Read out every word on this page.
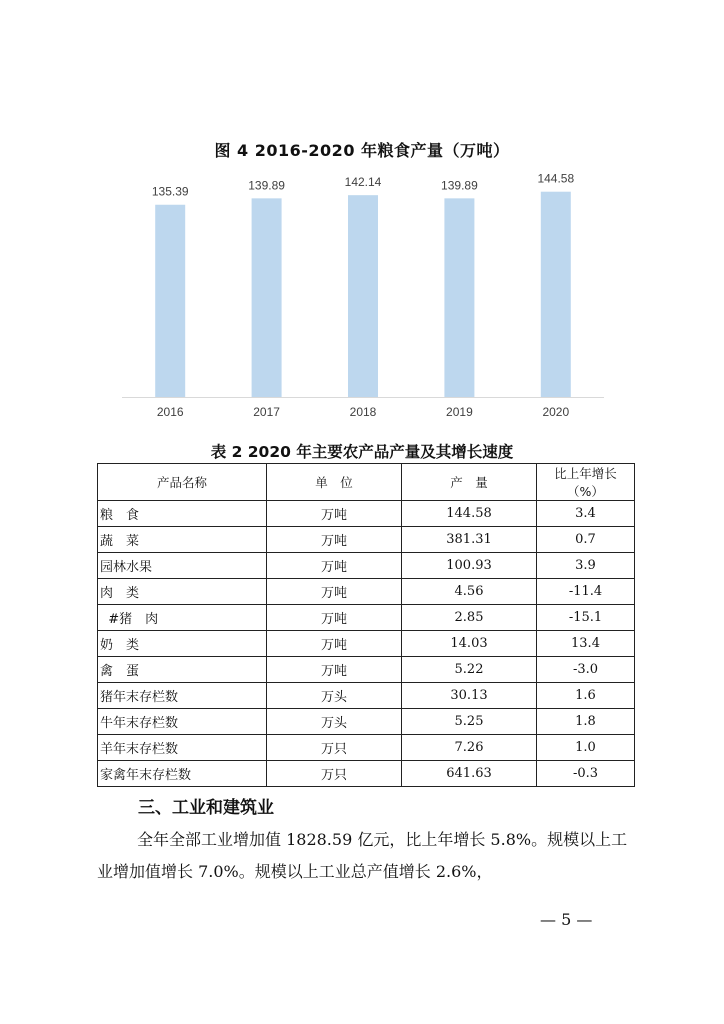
图 4 2016-2020 年粮食产量（万吨）
135.39
2016
139.89
2017
142.14
2018
139.89
2019
144.58
2020
表 2 2020 年主要农产品产量及其增长速度
产品名称	单　位	产　量	比上年增长（%）
粮　食	万吨	144.58	3.4
蔬　菜	万吨	381.31	0.7
园林水果	万吨	100.93	3.9
肉　类	万吨	4.56	-11.4
#猪　肉	万吨	2.85	-15.1
奶　类	万吨	14.03	13.4
禽　蛋	万吨	5.22	-3.0
猪年末存栏数	万头	30.13	1.6
牛年末存栏数	万头	5.25	1.8
羊年末存栏数	万只	7.26	1.0
家禽年末存栏数	万只	641.63	-0.3
三、工业和建筑业
全年全部工业增加值 1828.59 亿元，比上年增长 5.8%。规模以上工业增加值增长 7.0%。规模以上工业总产值增长 2.6%，
— 5 —
